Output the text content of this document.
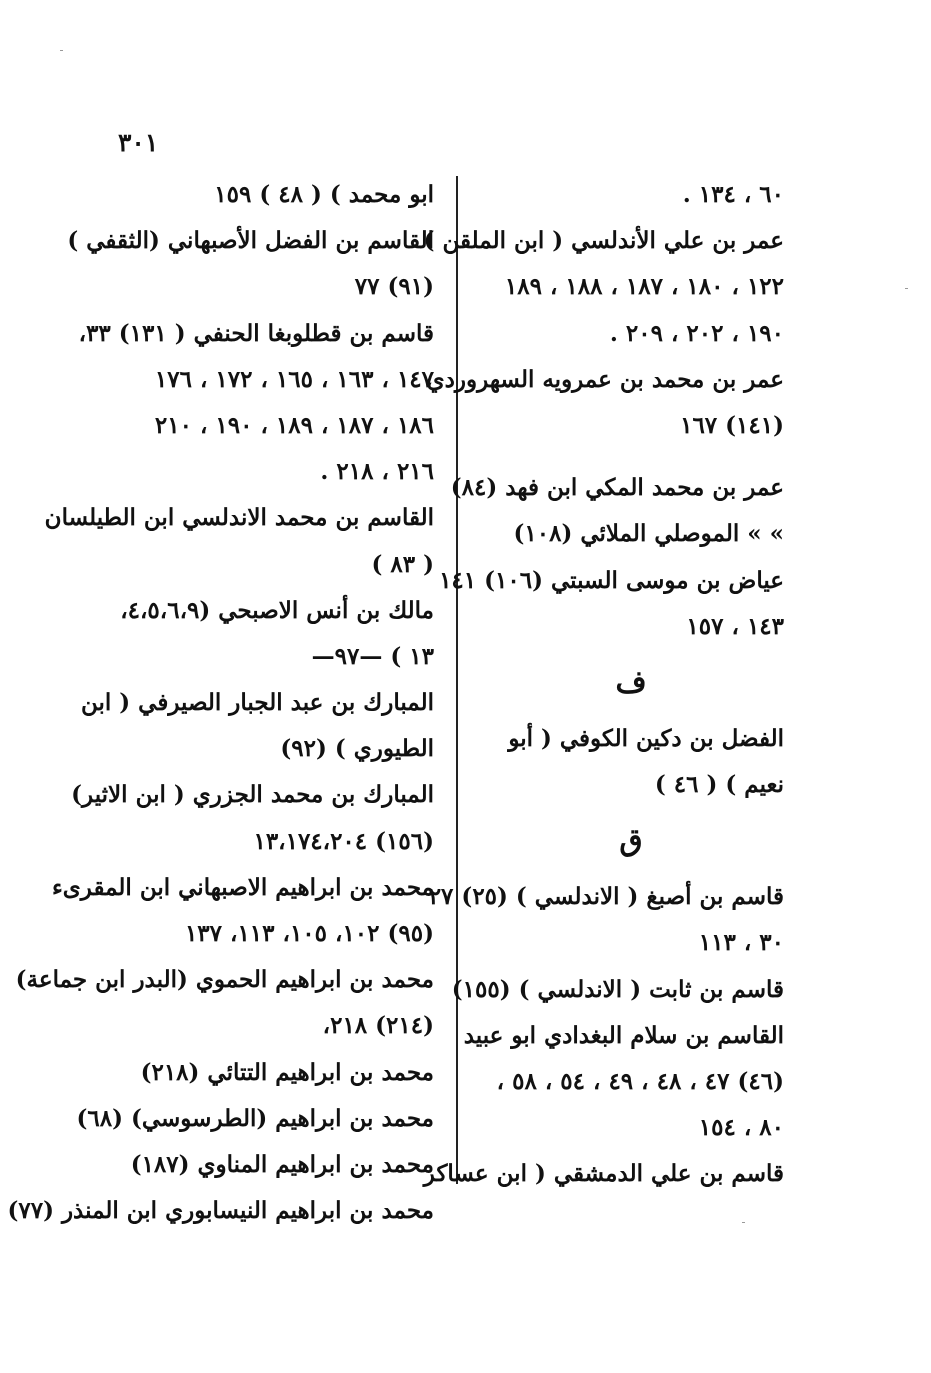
٣٠١
٦٠ ، ١٣٤ .
عمر بن علي الأندلسي ( ابن الملقن )
١٢٢ ، ١٨٠ ، ١٨٧ ، ١٨٨ ، ١٨٩
١٩٠ ، ٢٠٢ ، ٢٠٩ .
عمر بن محمد بن عمرويه السهروردي
(١٤١) ١٦٧
عمر بن محمد المكي ابن فهد (٨٤)
» » الموصلي الملائي (١٠٨)
عياض بن موسى السبتي (١٠٦) ١٤١
١٤٣ ، ١٥٧
ف
الفضل بن دكين الكوفي ( أبو
نعيم ) ( ٤٦ )
ق
قاسم بن أصبغ ( الاندلسي ) (٢٥) ٢٧
٣٠ ، ١١٣
قاسم بن ثابت ( الاندلسي ) (١٥٥)
القاسم بن سلام البغدادي ابو عبيد
(٤٦) ٤٧ ، ٤٨ ، ٤٩ ، ٥٤ ، ٥٨ ،
٨٠ ، ١٥٤
قاسم بن علي الدمشقي ( ابن عساكر
ابو محمد ) ( ٤٨ ) ١٥٩
القاسم بن الفضل الأصبهاني (الثقفي )
(٩١) ٧٧
قاسم بن قطلوبغا الحنفي ( ١٣١) ٣٣،
١٤٧ ، ١٦٣ ، ١٦٥ ، ١٧٢ ، ١٧٦
١٨٦ ، ١٨٧ ، ١٨٩ ، ١٩٠ ، ٢١٠
٢١٦ ، ٢١٨ .
القاسم بن محمد الاندلسي ابن الطيلسان
( ٨٣ )
مالك بن أنس الاصبحي (٤،٥،٦،٩،
١٣ ) —٩٧—
المبارك بن عبد الجبار الصيرفي ( ابن
الطيوري ) (٩٢)
المبارك بن محمد الجزري ( ابن الاثير)
(١٥٦) ١٣،١٧٤،٢٠٤
محمد بن ابراهيم الاصبهاني ابن المقرىء
(٩٥) ١٠٢، ١٠٥، ١١٣، ١٣٧
محمد بن ابراهيم الحموي (البدر ابن جماعة)
(٢١٤) ٢١٨،
محمد بن ابراهيم التتائي (٢١٨)
محمد بن ابراهيم (الطرسوسي) (٦٨)
محمد بن ابراهيم المناوي (١٨٧)
محمد بن ابراهيم النيسابوري ابن المنذر (٧٧)
